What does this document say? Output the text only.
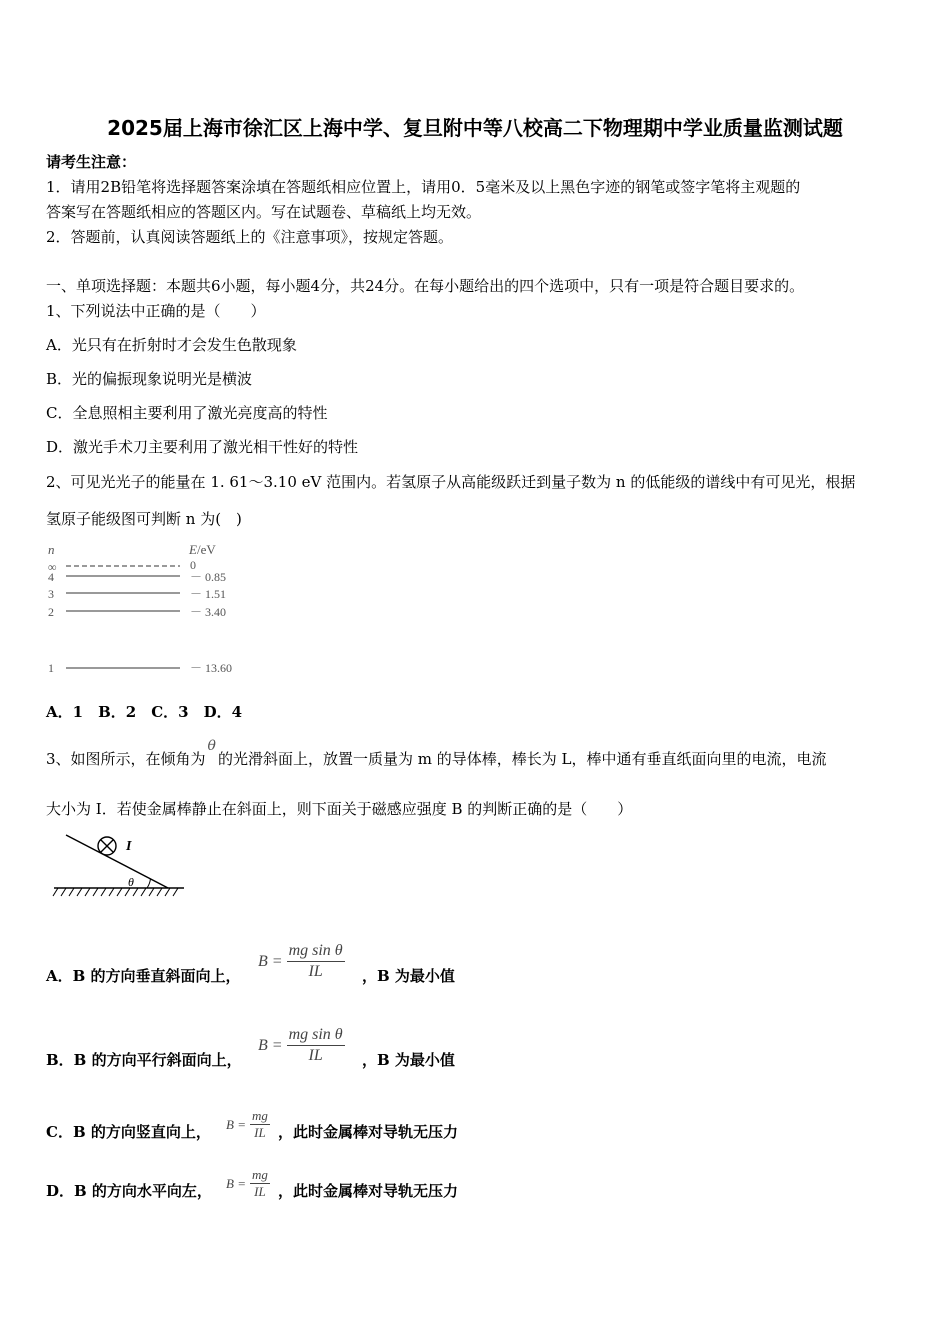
2025届上海市徐汇区上海中学、复旦附中等八校高二下物理期中学业质量监测试题
请考生注意：
1．请用2B铅笔将选择题答案涂填在答题纸相应位置上，请用0．5毫米及以上黑色字迹的钢笔或签字笔将主观题的
答案写在答题纸相应的答题区内。写在试题卷、草稿纸上均无效。
2．答题前，认真阅读答题纸上的《注意事项》，按规定答题。
一、单项选择题：本题共6小题，每小题4分，共24分。在每小题给出的四个选项中，只有一项是符合题目要求的。
1、下列说法中正确的是（　　）
A．光只有在折射时才会发生色散现象
B．光的偏振现象说明光是横波
C．全息照相主要利用了激光亮度高的特性
D．激光手术刀主要利用了激光相干性好的特性
2、可见光光子的能量在 1. 61～3.10 eV 范围内。若氢原子从高能级跃迁到量子数为 n 的低能级的谱线中有可见光，根据
氢原子能级图可判断 n 为(　)
n	E/eV
∞	0
4	－ 0.85
3	－ 1.51
2	－ 3.40
1	－ 13.60
A．1　B．2　C．3　D．4
3、如图所示，在倾角为θ的光滑斜面上，放置一质量为 m 的导体棒，棒长为 L，棒中通有垂直纸面向里的电流，电流
大小为 I．若使金属棒静止在斜面上，则下面关于磁感应强度 B 的判断正确的是（　　）
I
θ
A．B 的方向垂直斜面向上，
$B = \frac{\text{mg sin θ}}{IL}$ ，B 为最小值
B．B 的方向平行斜面向上，
$B = \frac{\text{mg sin θ}}{IL}$ ，B 为最小值
C．B 的方向竖直向上， $B = \frac{mg}{IL}$ ，此时金属棒对导轨无压力
D．B 的方向水平向左， $B = \frac{mg}{IL}$ ，此时金属棒对导轨无压力
